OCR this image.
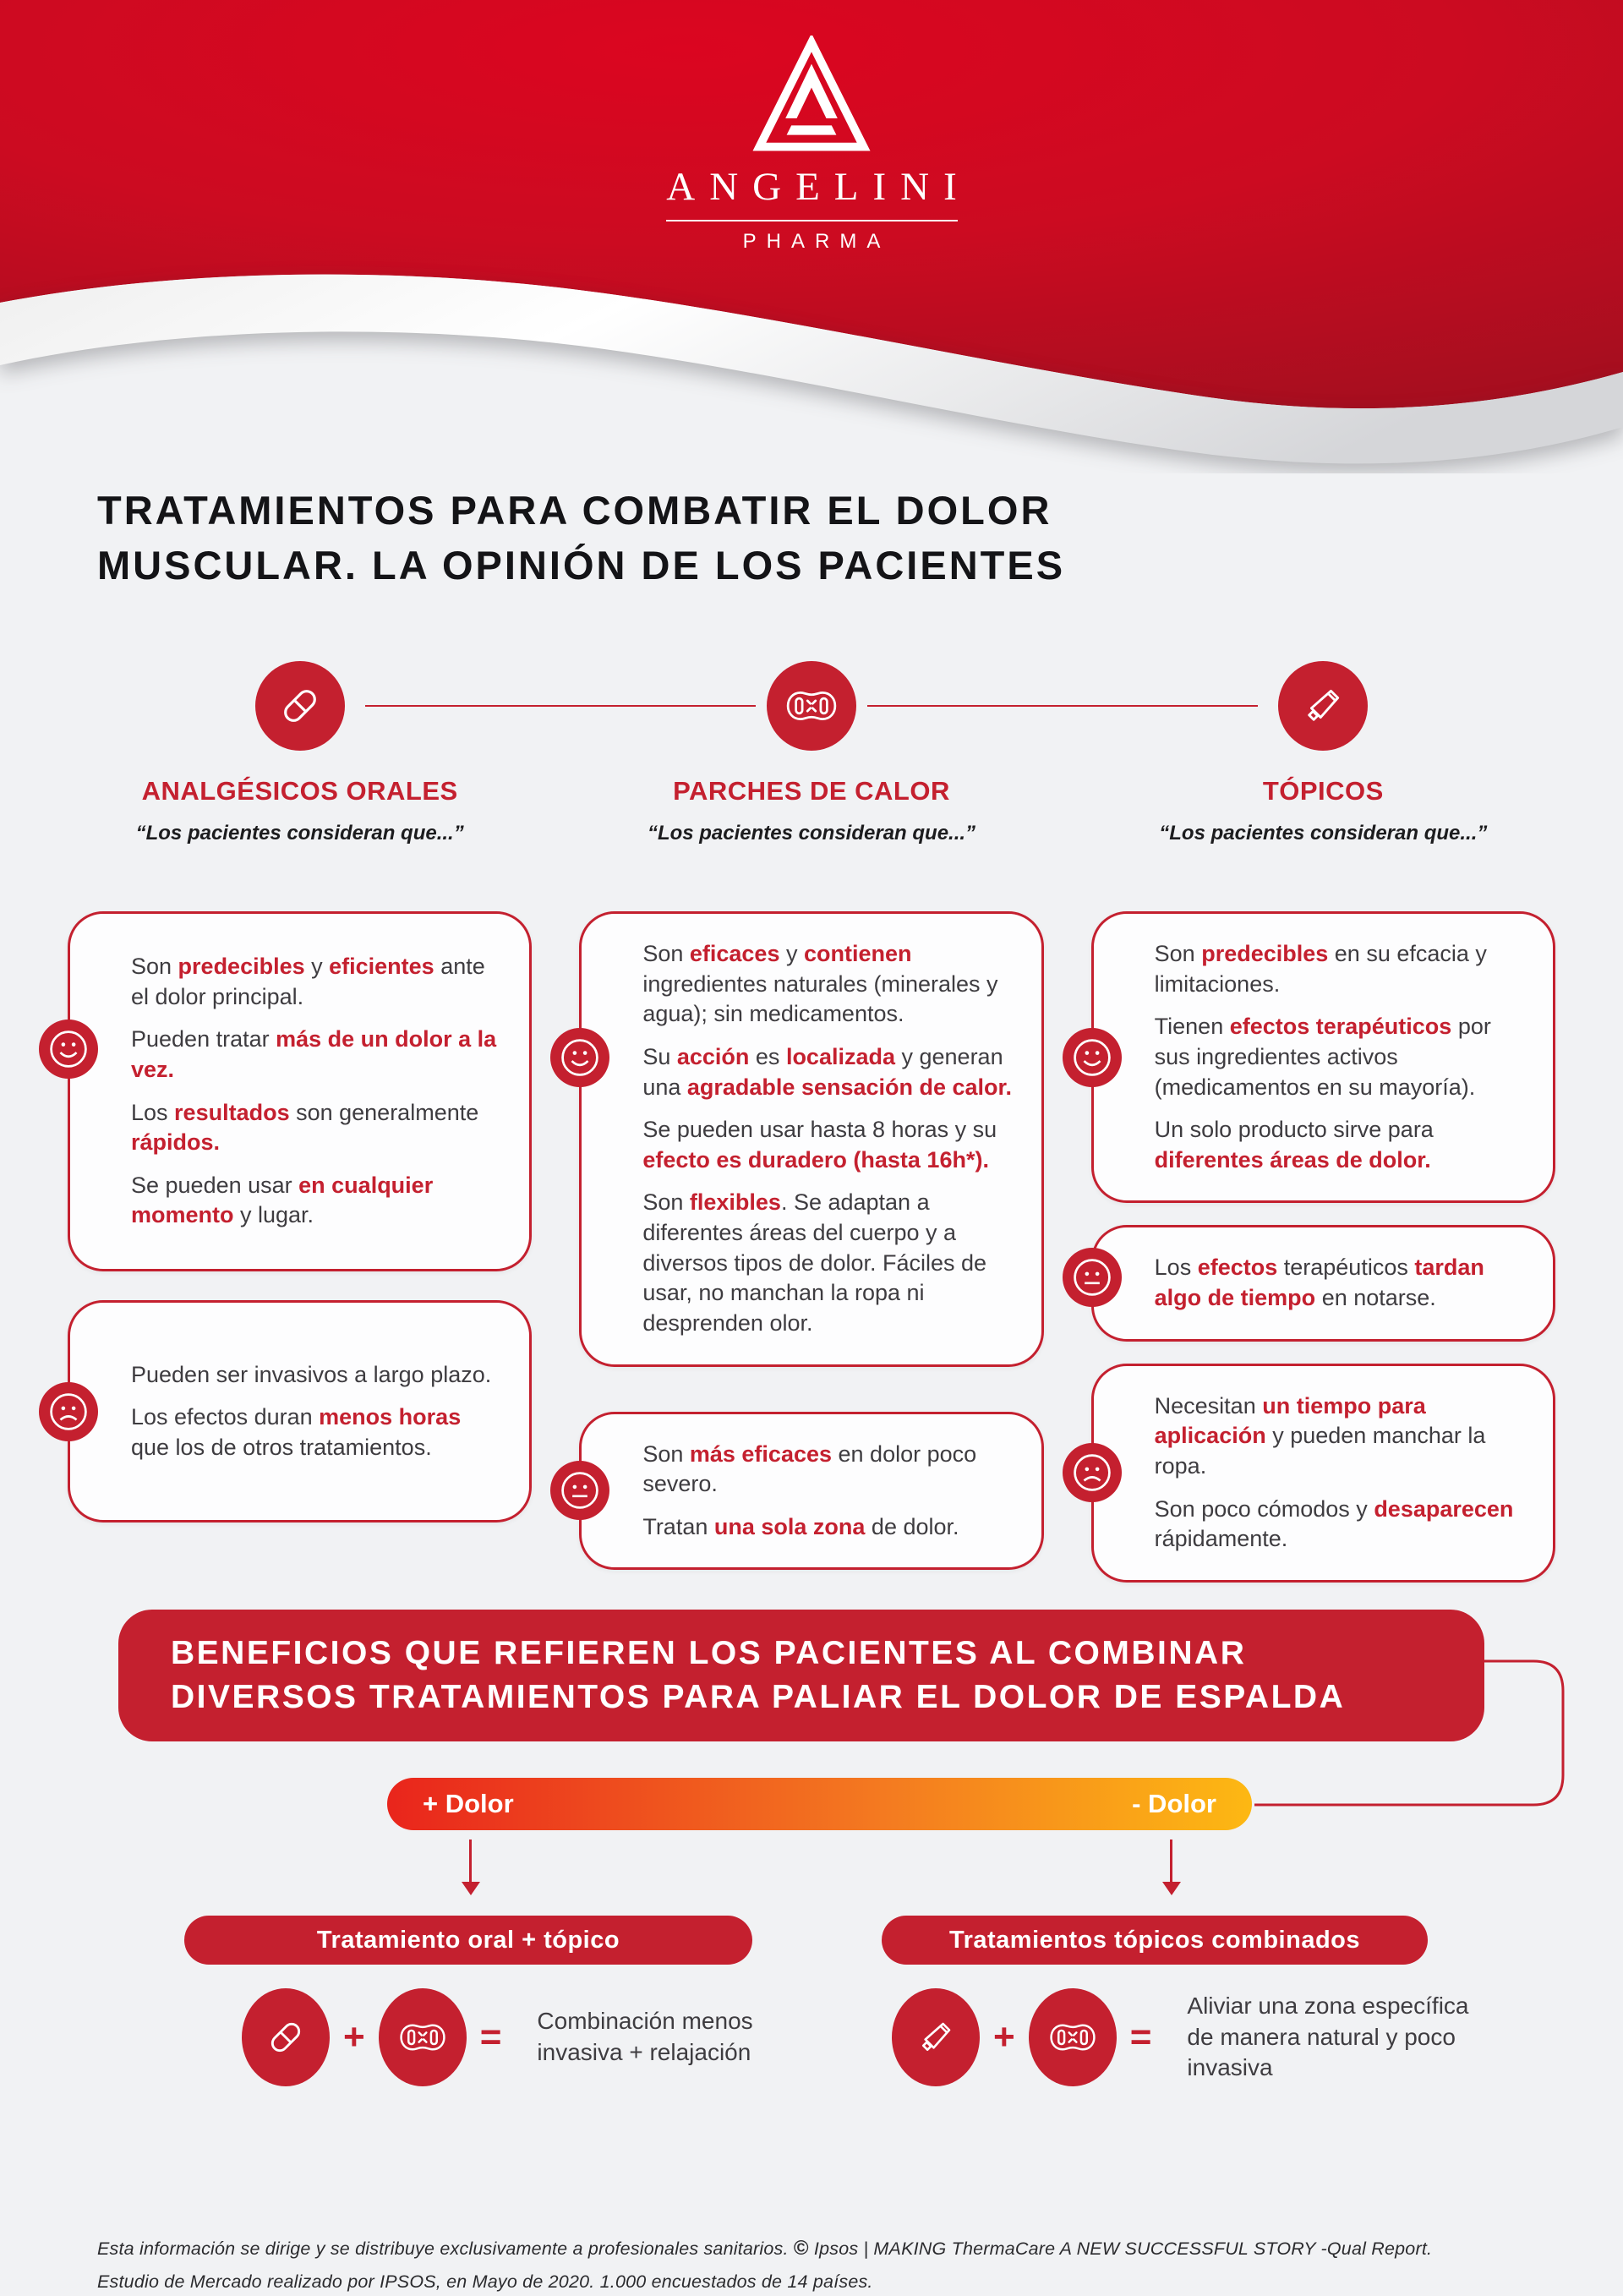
ANGELINI
PHARMA
TRATAMIENTOS PARA COMBATIR EL DOLOR
MUSCULAR. LA OPINIÓN DE LOS PACIENTES
ANALGÉSICOS ORALES
“Los pacientes consideran que...”

Son predecibles y eficientes ante el dolor principal.

Pueden tratar más de un dolor a la vez.

Los resultados son generalmente rápidos.

Se pueden usar en cualquier momento y lugar.

Pueden ser invasivos a largo plazo.

Los efectos duran menos horas que los de otros tratamientos.

PARCHES DE CALOR
“Los pacientes consideran que...”

Son eficaces y contienen ingredientes naturales (minerales y agua); sin medicamentos.

Su acción es localizada y generan una agradable sensación de calor.

Se pueden usar hasta 8 horas y su efecto es duradero (hasta 16h*).

Son flexibles. Se adaptan a diferentes áreas del cuerpo y a diversos tipos de dolor. Fáciles de usar, no manchan la ropa ni desprenden olor.

Son más eficaces en dolor poco severo.

Tratan una sola zona de dolor.

TÓPICOS
“Los pacientes consideran que...”

Son predecibles en su efcacia y limitaciones.

Tienen efectos terapéuticos por sus ingredientes activos (medicamentos en su mayoría).

Un solo producto sirve para diferentes áreas de dolor.

Los efectos terapéuticos tardan algo de tiempo en notarse.

Necesitan un tiempo para aplicación y pueden manchar la ropa.

Son poco cómodos y desaparecen rápidamente.

BENEFICIOS QUE REFIEREN LOS PACIENTES AL COMBINAR
DIVERSOS TRATAMIENTOS PARA PALIAR EL DOLOR DE ESPALDA
+ Dolor	- Dolor
Tratamiento oral + tópico	Tratamientos tópicos combinados
+	= Combinación menos invasiva + relajación	+	=
Aliviar una zona específica de manera natural y poco invasiva
Esta información se dirige y se distribuye exclusivamente a profesionales sanitarios. © Ipsos | MAKING ThermaCare A NEW SUCCESSFUL STORY -Qual Report.
Estudio de Mercado realizado por IPSOS, en Mayo de 2020. 1.000 encuestados de 14 países.
